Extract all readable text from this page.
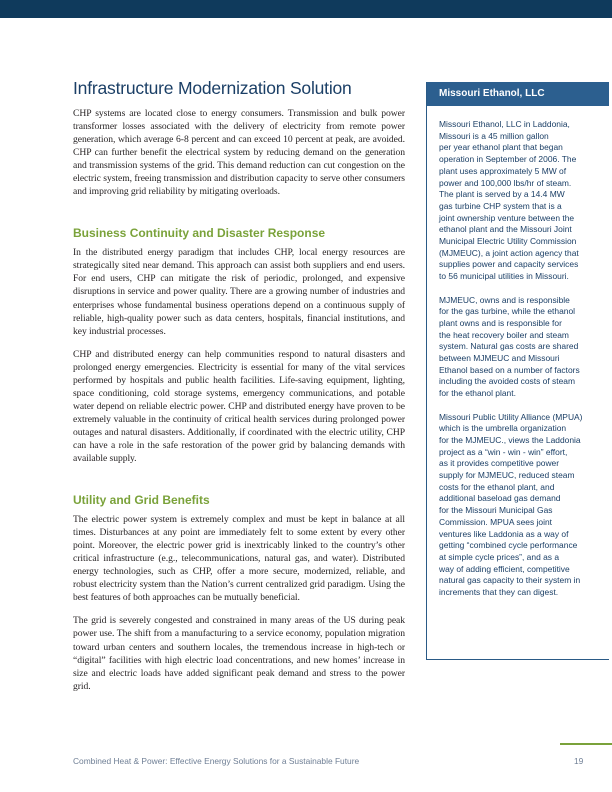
Infrastructure Modernization Solution

CHP systems are located close to energy consumers. Transmission and bulk power transformer losses associated with the delivery of electricity from remote power generation, which average 6-8 percent and can exceed 10 percent at peak, are avoided. CHP can further benefit the electrical system by reducing demand on the generation and transmission systems of the grid. This demand reduction can cut congestion on the electric system, freeing transmission and distribution capacity to serve other consumers and improving grid reliability by mitigating overloads.

Business Continuity and Disaster Response

In the distributed energy paradigm that includes CHP, local energy resources are strategically sited near demand. This approach can assist both suppliers and end users. For end users, CHP can mitigate the risk of periodic, prolonged, and expensive disruptions in service and power quality. There are a growing number of industries and enterprises whose fundamental business operations depend on a continuous supply of reliable, high-quality power such as data centers, hospitals, financial institutions, and key industrial processes.

CHP and distributed energy can help communities respond to natural disasters and prolonged energy emergencies. Electricity is essential for many of the vital services performed by hospitals and public health facilities. Life-saving equipment, lighting, space conditioning, cold storage systems, emergency communications, and potable water depend on reliable electric power. CHP and distributed energy have proven to be extremely valuable in the continuity of critical health services during prolonged power outages and natural disasters. Additionally, if coordinated with the electric utility, CHP can have a role in the safe restoration of the power grid by balancing demands with available supply.

Utility and Grid Benefits

The electric power system is extremely complex and must be kept in balance at all times. Disturbances at any point are immediately felt to some extent by every other point. Moreover, the electric power grid is inextricably linked to the country’s other critical infrastructure (e.g., telecommunications, natural gas, and water). Distributed energy technologies, such as CHP, offer a more secure, modernized, reliable, and robust electricity system than the Nation’s current centralized grid paradigm. Using the best features of both approaches can be mutually beneficial.

The grid is severely congested and constrained in many areas of the US during peak power use. The shift from a manufacturing to a service economy, population migration toward urban centers and southern locales, the tremendous increase in high-tech or “digital” facilities with high electric load concentrations, and new homes’ increase in size and electric loads have added significant peak demand and stress to the power grid.

Missouri Ethanol, LLC
Missouri Ethanol, LLC in Laddonia,
Missouri is a 45 million gallon
per year ethanol plant that began
operation in September of 2006. The
plant uses approximately 5 MW of
power and 100,000 lbs/hr of steam.
The plant is served by a 14.4 MW
gas turbine CHP system that is a
joint ownership venture between the
ethanol plant and the Missouri Joint
Municipal Electric Utility Commission
(MJMEUC), a joint action agency that
supplies power and capacity services
to 56 municipal utilities in Missouri.
MJMEUC, owns and is responsible
for the gas turbine, while the ethanol
plant owns and is responsible for
the heat recovery boiler and steam
system. Natural gas costs are shared
between MJMEUC and Missouri
Ethanol based on a number of factors
including the avoided costs of steam
for the ethanol plant.
Missouri Public Utility Alliance (MPUA)
which is the umbrella organization
for the MJMEUC., views the Laddonia
project as a “win - win - win” effort,
as it provides competitive power
supply for MJMEUC, reduced steam
costs for the ethanol plant, and
additional baseload gas demand
for the Missouri Municipal Gas
Commission. MPUA sees joint
ventures like Laddonia as a way of
getting “combined cycle performance
at simple cycle prices”, and as a
way of adding efficient, competitive
natural gas capacity to their system in
increments that they can digest.
Combined Heat & Power: Effective Energy Solutions for a Sustainable Future	19
